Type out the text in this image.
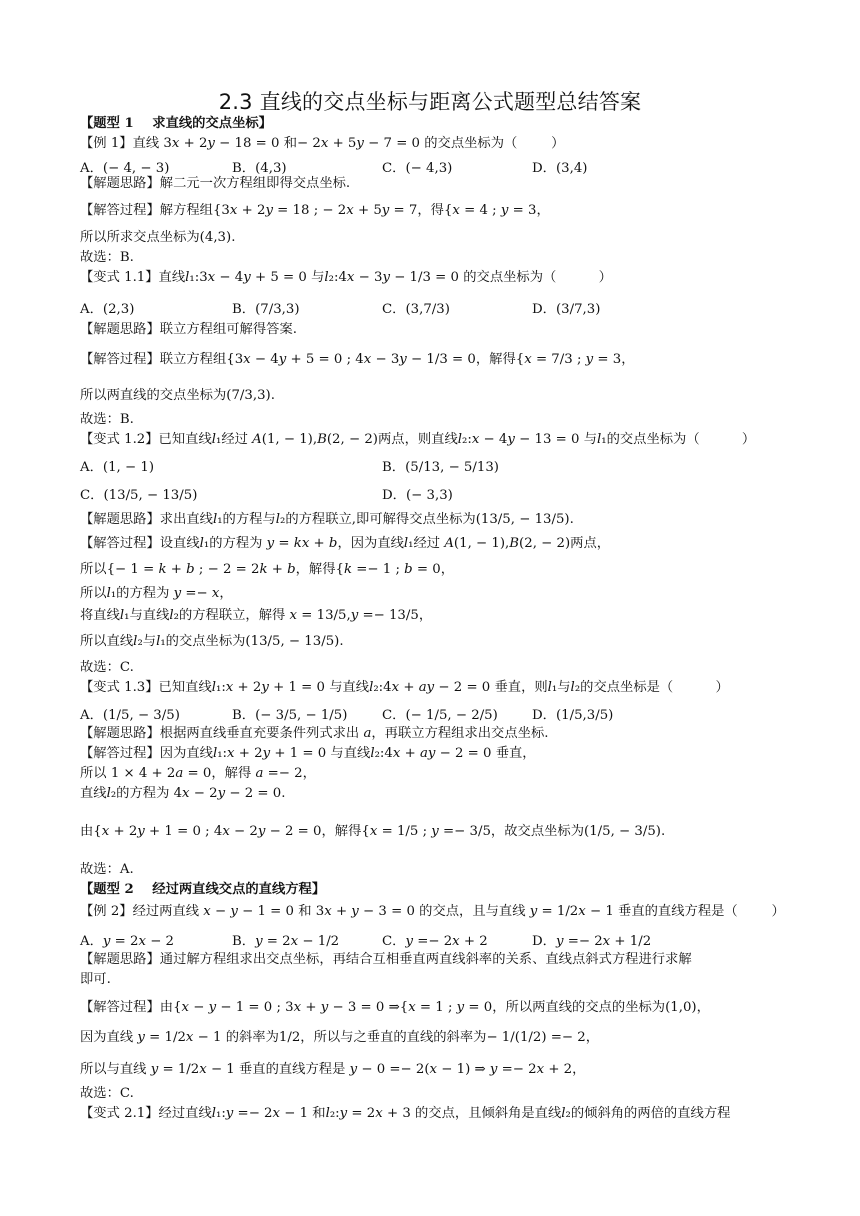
2.3 直线的交点坐标与距离公式题型总结答案
【题型 1    求直线的交点坐标】
【例 1】直线 3𝑥 + 2𝑦 − 18 = 0 和− 2𝑥 + 5𝑦 − 7 = 0 的交点坐标为（        ）
A．(− 4, − 3)	B．(4,3)	C．(− 4,3)	D．(3,4)
【解题思路】解二元一次方程组即得交点坐标.
【解答过程】解方程组{3𝑥 + 2𝑦 = 18 ; − 2𝑥 + 5𝑦 = 7，得{𝑥 = 4 ; 𝑦 = 3，
所以所求交点坐标为(4,3).
故选：B.
【变式 1.1】直线𝑙₁:3𝑥 − 4𝑦 + 5 = 0 与𝑙₂:4𝑥 − 3𝑦 − 1/3 = 0 的交点坐标为（          ）
A．(2,3)	B．(7/3,3)	C．(3,7/3)	D．(3/7,3)
【解题思路】联立方程组可解得答案.
【解答过程】联立方程组{3𝑥 − 4𝑦 + 5 = 0 ; 4𝑥 − 3𝑦 − 1/3 = 0，解得{𝑥 = 7/3 ; 𝑦 = 3，
所以两直线的交点坐标为(7/3,3).
故选：B.
【变式 1.2】已知直线𝑙₁经过 𝐴(1, − 1),𝐵(2, − 2)两点，则直线𝑙₂:𝑥 − 4𝑦 − 13 = 0 与𝑙₁的交点坐标为（          ）
A．(1, − 1)	B．(5/13, − 5/13)
C．(13/5, − 13/5)	D．(− 3,3)
【解题思路】求出直线𝑙₁的方程与𝑙₂的方程联立,即可解得交点坐标为(13/5, − 13/5).
【解答过程】设直线𝑙₁的方程为 𝑦 = 𝑘𝑥 + 𝑏，因为直线𝑙₁经过 𝐴(1, − 1),𝐵(2, − 2)两点，
所以{− 1 = 𝑘 + 𝑏 ; − 2 = 2𝑘 + 𝑏，解得{𝑘 =− 1 ; 𝑏 = 0，
所以𝑙₁的方程为 𝑦 =− 𝑥，
将直线𝑙₁与直线𝑙₂的方程联立，解得 𝑥 = 13/5,𝑦 =− 13/5，
所以直线𝑙₂与𝑙₁的交点坐标为(13/5, − 13/5).
故选：C.
【变式 1.3】已知直线𝑙₁:𝑥 + 2𝑦 + 1 = 0 与直线𝑙₂:4𝑥 + 𝑎𝑦 − 2 = 0 垂直，则𝑙₁与𝑙₂的交点坐标是（          ）
A．(1/5, − 3/5)	B．(− 3/5, − 1/5)	C．(− 1/5, − 2/5)	D．(1/5,3/5)
【解题思路】根据两直线垂直充要条件列式求出 𝑎，再联立方程组求出交点坐标.
【解答过程】因为直线𝑙₁:𝑥 + 2𝑦 + 1 = 0 与直线𝑙₂:4𝑥 + 𝑎𝑦 − 2 = 0 垂直，
所以 1 × 4 + 2𝑎 = 0，解得 𝑎 =− 2，
直线𝑙₂的方程为 4𝑥 − 2𝑦 − 2 = 0.
由{𝑥 + 2𝑦 + 1 = 0 ; 4𝑥 − 2𝑦 − 2 = 0，解得{𝑥 = 1/5 ; 𝑦 =− 3/5，故交点坐标为(1/5, − 3/5).
故选：A.
【题型 2    经过两直线交点的直线方程】
【例 2】经过两直线 𝑥 − 𝑦 − 1 = 0 和 3𝑥 + 𝑦 − 3 = 0 的交点，且与直线 𝑦 = 1/2𝑥 − 1 垂直的直线方程是（        ）
A．𝑦 = 2𝑥 − 2	B．𝑦 = 2𝑥 − 1/2	C．𝑦 =− 2𝑥 + 2	D．𝑦 =− 2𝑥 + 1/2
【解题思路】通过解方程组求出交点坐标，再结合互相垂直两直线斜率的关系、直线点斜式方程进行求解
即可.
【解答过程】由{𝑥 − 𝑦 − 1 = 0 ; 3𝑥 + 𝑦 − 3 = 0 ⇒{𝑥 = 1 ; 𝑦 = 0，所以两直线的交点的坐标为(1,0)，
因为直线 𝑦 = 1/2𝑥 − 1 的斜率为1/2，所以与之垂直的直线的斜率为− 1/(1/2) =− 2，
所以与直线 𝑦 = 1/2𝑥 − 1 垂直的直线方程是 𝑦 − 0 =− 2(𝑥 − 1) ⇒ 𝑦 =− 2𝑥 + 2，
故选：C.
【变式 2.1】经过直线𝑙₁:𝑦 =− 2𝑥 − 1 和𝑙₂:𝑦 = 2𝑥 + 3 的交点，且倾斜角是直线𝑙₂的倾斜角的两倍的直线方程
